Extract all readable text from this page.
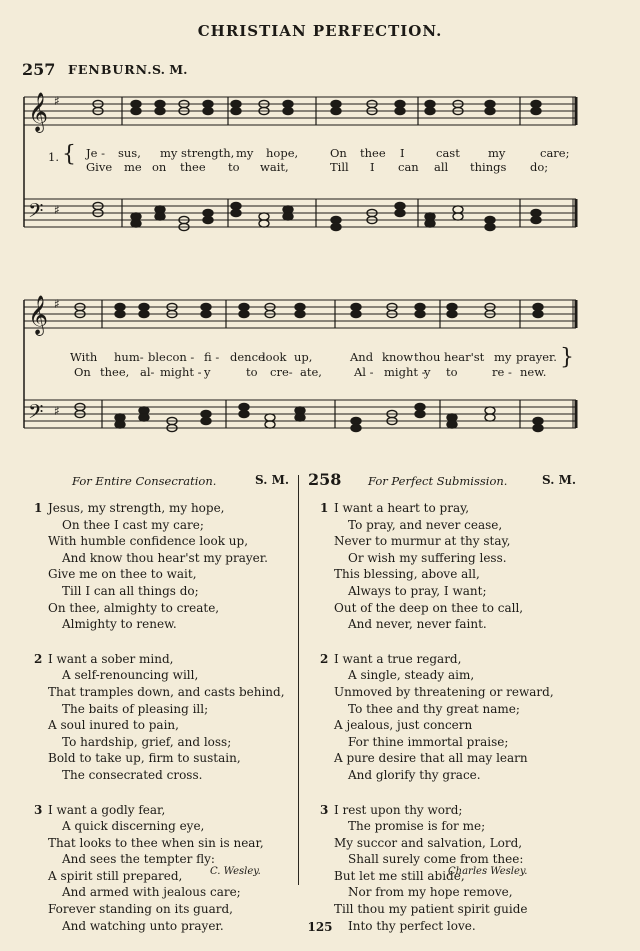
CHRISTIAN PERFECTION.
257 FENBURN. S. M.
𝄞
𝄢
♯
♯
𝄞
𝄢
♯
♯
1. { Je - sus, my strength, my hope,	On thee I	cast my	care;
Give me on thee to wait,	Till I can all things do;
With hum- ble con - fi - dence
look up,	And know thou hear'st my prayer.
On thee, al- might - y	to cre- ate,	Al - might -
y to	re - new.
}
For Entire Consecration.	S. M. 258 For Perfect Submission.	S. M.
1 Jesus, my strength, my hope,
On thee I cast my care;
With humble confidence look up,
And know thou hear'st my prayer.
Give me on thee to wait,
Till I can all things do;
On thee, almighty to create,
Almighty to renew.
2 I want a sober mind,
A self-renouncing will,
That tramples down, and casts behind,
The baits of pleasing ill;
A soul inured to pain,
To hardship, grief, and loss;
Bold to take up, firm to sustain,
The consecrated cross.
3 I want a godly fear,
A quick discerning eye,
That looks to thee when sin is near,
And sees the tempter fly:
A spirit still prepared,
And armed with jealous care;
Forever standing on its guard,
And watching unto prayer.
1 I want a heart to pray,
To pray, and never cease,
Never to murmur at thy stay,
Or wish my suffering less.
This blessing, above all,
Always to pray, I want;
Out of the deep on thee to call,
And never, never faint.
2 I want a true regard,
A single, steady aim,
Unmoved by threatening or reward,
To thee and thy great name;
A jealous, just concern
For thine immortal praise;
A pure desire that all may learn
And glorify thy grace.
3 I rest upon thy word;
The promise is for me;
My succor and salvation, Lord,
Shall surely come from thee:
But let me still abide,
Nor from my hope remove,
Till thou my patient spirit guide
Into thy perfect love.
C. Wesley.	Charles Wesley.
125
